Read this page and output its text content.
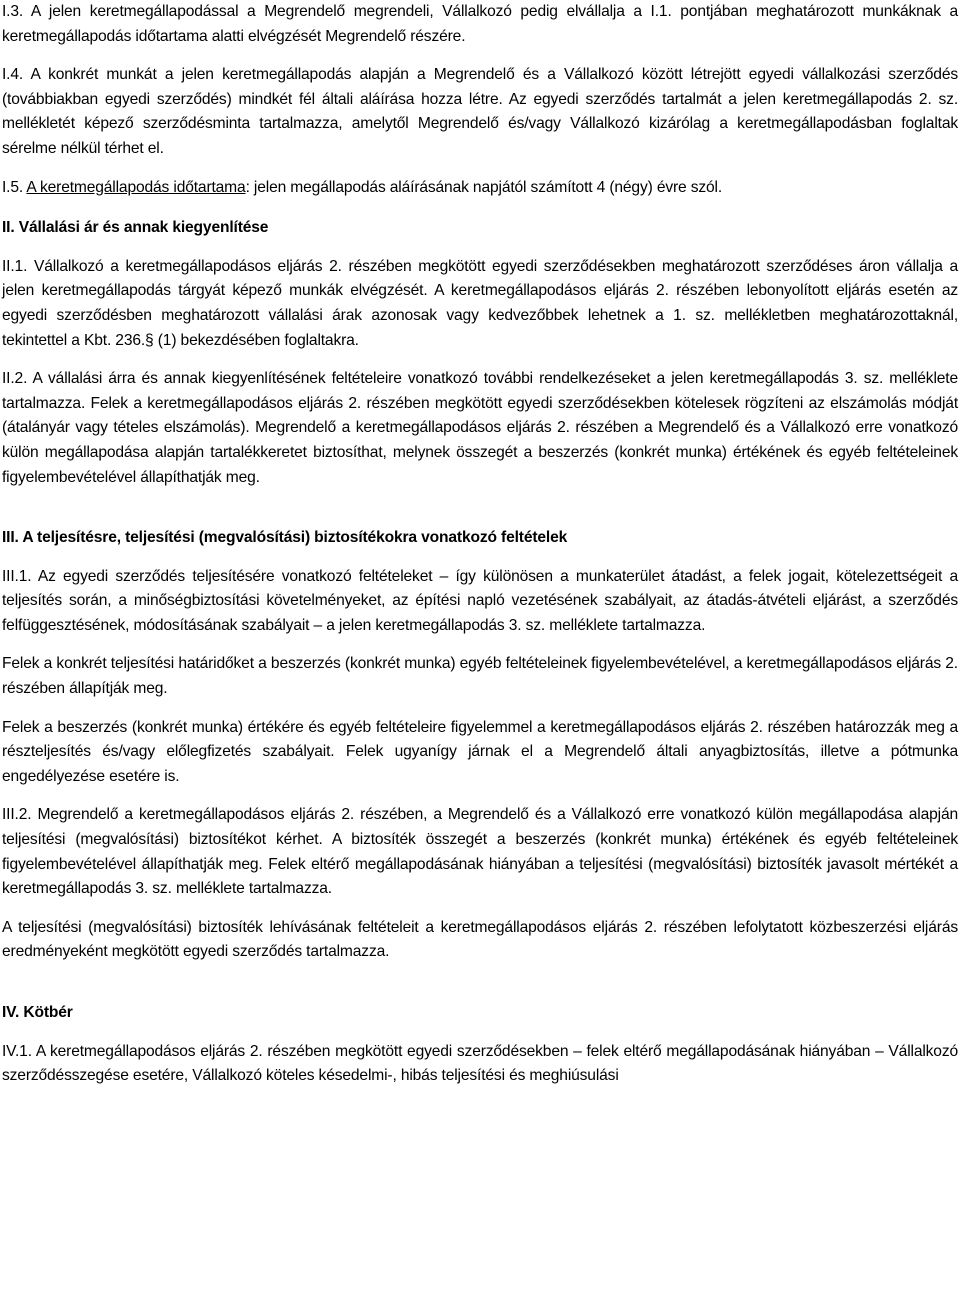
I.3. A jelen keretmegállapodással a Megrendelő megrendeli, Vállalkozó pedig elvállalja a I.1. pontjában meghatározott munkáknak a keretmegállapodás időtartama alatti elvégzését Megrendelő részére.

I.4. A konkrét munkát a jelen keretmegállapodás alapján a Megrendelő és a Vállalkozó között létrejött egyedi vállalkozási szerződés (továbbiakban egyedi szerződés) mindkét fél általi aláírása hozza létre. Az egyedi szerződés tartalmát a jelen keretmegállapodás 2. sz. mellékletét képező szerződésminta tartalmazza, amelytől Megrendelő és/vagy Vállalkozó kizárólag a keretmegállapodásban foglaltak sérelme nélkül térhet el.

I.5. A keretmegállapodás időtartama: jelen megállapodás aláírásának napjától számított 4 (négy) évre szól.

II. Vállalási ár és annak kiegyenlítése

II.1. Vállalkozó a keretmegállapodásos eljárás 2. részében megkötött egyedi szerződésekben meghatározott szerződéses áron vállalja a jelen keretmegállapodás tárgyát képező munkák elvégzését. A keretmegállapodásos eljárás 2. részében lebonyolított eljárás esetén az egyedi szerződésben meghatározott vállalási árak azonosak vagy kedvezőbbek lehetnek a 1. sz. mellékletben meghatározottaknál, tekintettel a Kbt. 236.§ (1) bekezdésében foglaltakra.

II.2. A vállalási árra és annak kiegyenlítésének feltételeire vonatkozó további rendelkezéseket a jelen keretmegállapodás 3. sz. melléklete tartalmazza. Felek a keretmegállapodásos eljárás 2. részében megkötött egyedi szerződésekben kötelesek rögzíteni az elszámolás módját (átalányár vagy tételes elszámolás). Megrendelő a keretmegállapodásos eljárás 2. részében a Megrendelő és a Vállalkozó erre vonatkozó külön megállapodása alapján tartalékkeretet biztosíthat, melynek összegét a beszerzés (konkrét munka) értékének és egyéb feltételeinek figyelembevételével állapíthatják meg.

III. A teljesítésre, teljesítési (megvalósítási) biztosítékokra vonatkozó feltételek

III.1. Az egyedi szerződés teljesítésére vonatkozó feltételeket – így különösen a munkaterület átadást, a felek jogait, kötelezettségeit a teljesítés során, a minőségbiztosítási követelményeket, az építési napló vezetésének szabályait, az átadás-átvételi eljárást, a szerződés felfüggesztésének, módosításának szabályait – a jelen keretmegállapodás 3. sz. melléklete tartalmazza.

Felek a konkrét teljesítési határidőket a beszerzés (konkrét munka) egyéb feltételeinek figyelembevételével, a keretmegállapodásos eljárás 2. részében állapítják meg.

Felek a beszerzés (konkrét munka) értékére és egyéb feltételeire figyelemmel a keretmegállapodásos eljárás 2. részében határozzák meg a részteljesítés és/vagy előlegfizetés szabályait. Felek ugyanígy járnak el a Megrendelő általi anyagbiztosítás, illetve a pótmunka engedélyezése esetére is.

III.2. Megrendelő a keretmegállapodásos eljárás 2. részében, a Megrendelő és a Vállalkozó erre vonatkozó külön megállapodása alapján teljesítési (megvalósítási) biztosítékot kérhet. A biztosíték összegét a beszerzés (konkrét munka) értékének és egyéb feltételeinek figyelembevételével állapíthatják meg. Felek eltérő megállapodásának hiányában a teljesítési (megvalósítási) biztosíték javasolt mértékét a keretmegállapodás 3. sz. melléklete tartalmazza.

A teljesítési (megvalósítási) biztosíték lehívásának feltételeit a keretmegállapodásos eljárás 2. részében lefolytatott közbeszerzési eljárás eredményeként megkötött egyedi szerződés tartalmazza.

IV. Kötbér

IV.1. A keretmegállapodásos eljárás 2. részében megkötött egyedi szerződésekben – felek eltérő megállapodásának hiányában – Vállalkozó szerződésszegése esetére, Vállalkozó köteles késedelmi-, hibás teljesítési és meghiúsulási
